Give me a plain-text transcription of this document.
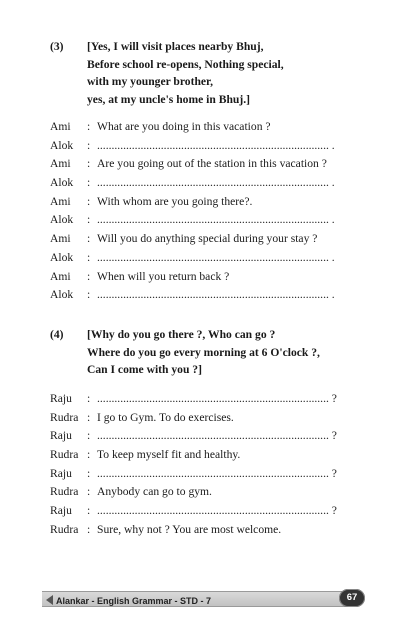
(3)	[Yes, I will visit places nearby Bhuj,
Before school re-opens, Nothing special,
with my younger brother,
yes, at my uncle's home in Bhuj.]
Ami	: What are you doing in this vacation ?
Alok	: ................................................................................ .
Ami	: Are you going out of the station in this vacation ?
Alok	: ................................................................................ .
Ami	: With whom are you going there?.
Alok	: ................................................................................ .
Ami	: Will you do anything special during your stay ?
Alok	: ................................................................................ .
Ami	: When will you return back ?
Alok	: ................................................................................ .
(4)	[Why do you go there ?, Who can go ?
Where do you go every morning at 6 O'clock ?,
Can I come with you ?]
Raju	: ................................................................................ ?
Rudra : I go to Gym. To do exercises.
Raju	: ................................................................................ ?
Rudra : To keep myself fit and healthy.
Raju	: ................................................................................ ?
Rudra : Anybody can go to gym.
Raju	: ................................................................................ ?
Rudra : Sure, why not ? You are most welcome.
Alankar - English Grammar - STD - 7	67
